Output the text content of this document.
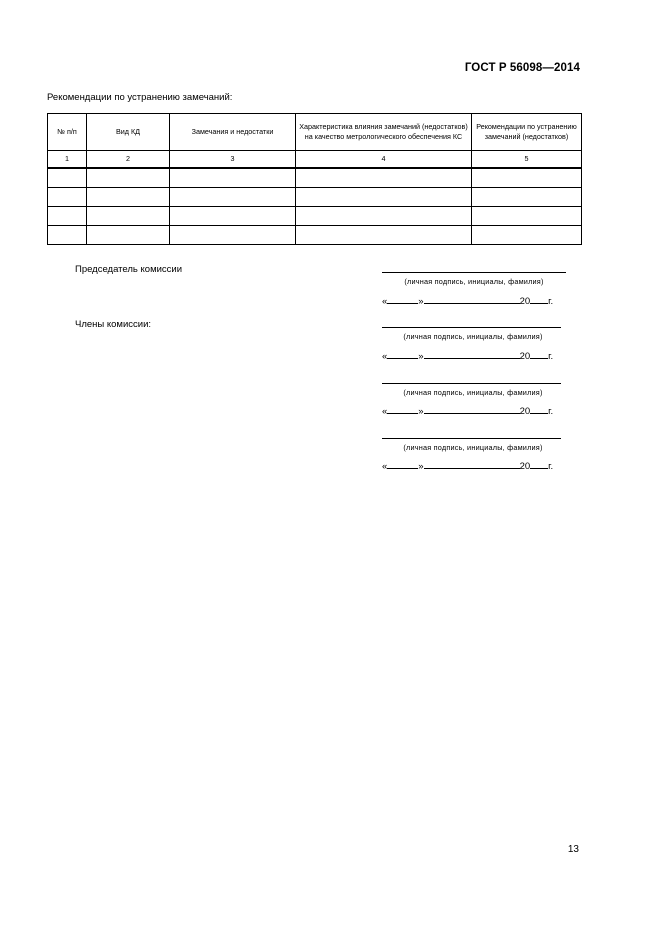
ГОСТ Р 56098—2014
Рекомендации по устранению замечаний:
№ п/п	Вид КД	Замечания и недостатки	Характеристика влияния замечаний (недостатков) на качество метрологического обеспечения КС	Рекомендации по устранению замечаний (недостатков)
1	2	3	4	5

Председатель комиссии
(личная подпись, инициалы, фамилия)
«	»	20 г.
Члены комиссии:
(личная подпись, инициалы, фамилия)
«	»	20 г.
(личная подпись, инициалы, фамилия)
«	»	20 г.
(личная подпись, инициалы, фамилия)
«	»	20 г.
13
